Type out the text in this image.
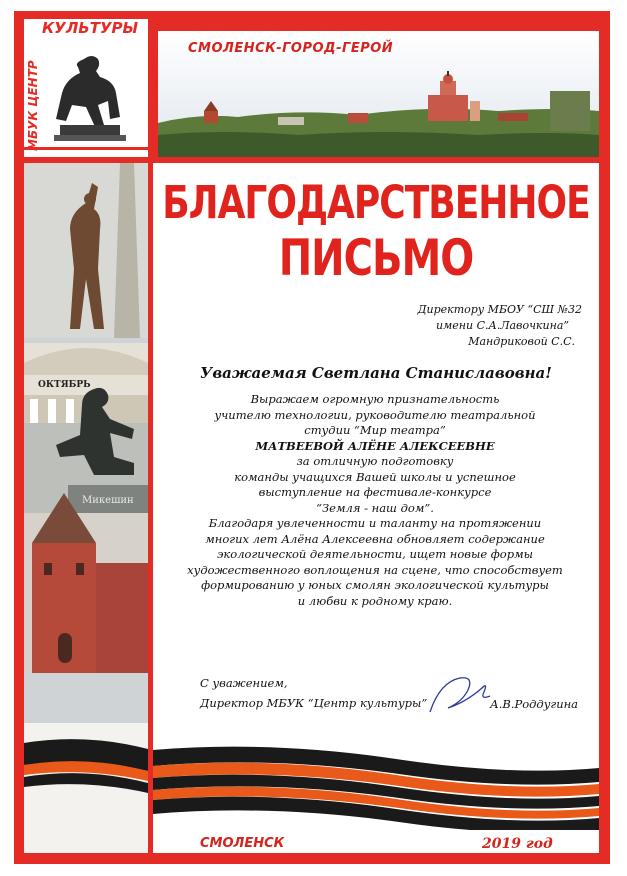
МБУК ЦЕНТР
КУЛЬТУРЫ
СМОЛЕНСК-ГОРОД-ГЕРОЙ
ОКТЯБРЬ
Микешин
БЛАГОДАРСТВЕННОЕ
ПИСЬМО
Директору МБОУ “СШ №32
имени С.А.Лавочкина”
Мандриковой С.С.
Уважаемая Светлана Станиславовна!
Выражаем огромную признательность
учителю технологии, руководителю театральной
студии “Мир театра”
МАТВЕЕВОЙ АЛЁНЕ АЛЕКСЕЕВНЕ
за отличную подготовку
команды учащихся Вашей школы и успешное
выступление на фестивале-конкурсе
“Земля - наш дом”.
Благодаря увлеченности и таланту на протяжении
многих лет Алёна Алексеевна обновляет содержание
экологической деятельности, ищет новые формы
художественного воплощения на сцене, что способствует
формированию у юных смолян экологической культуры
и любви к родному краю.
С уважением,
Директор МБУК “Центр культуры”	А.В.Роддугина
СМОЛЕНСК	2019 год
